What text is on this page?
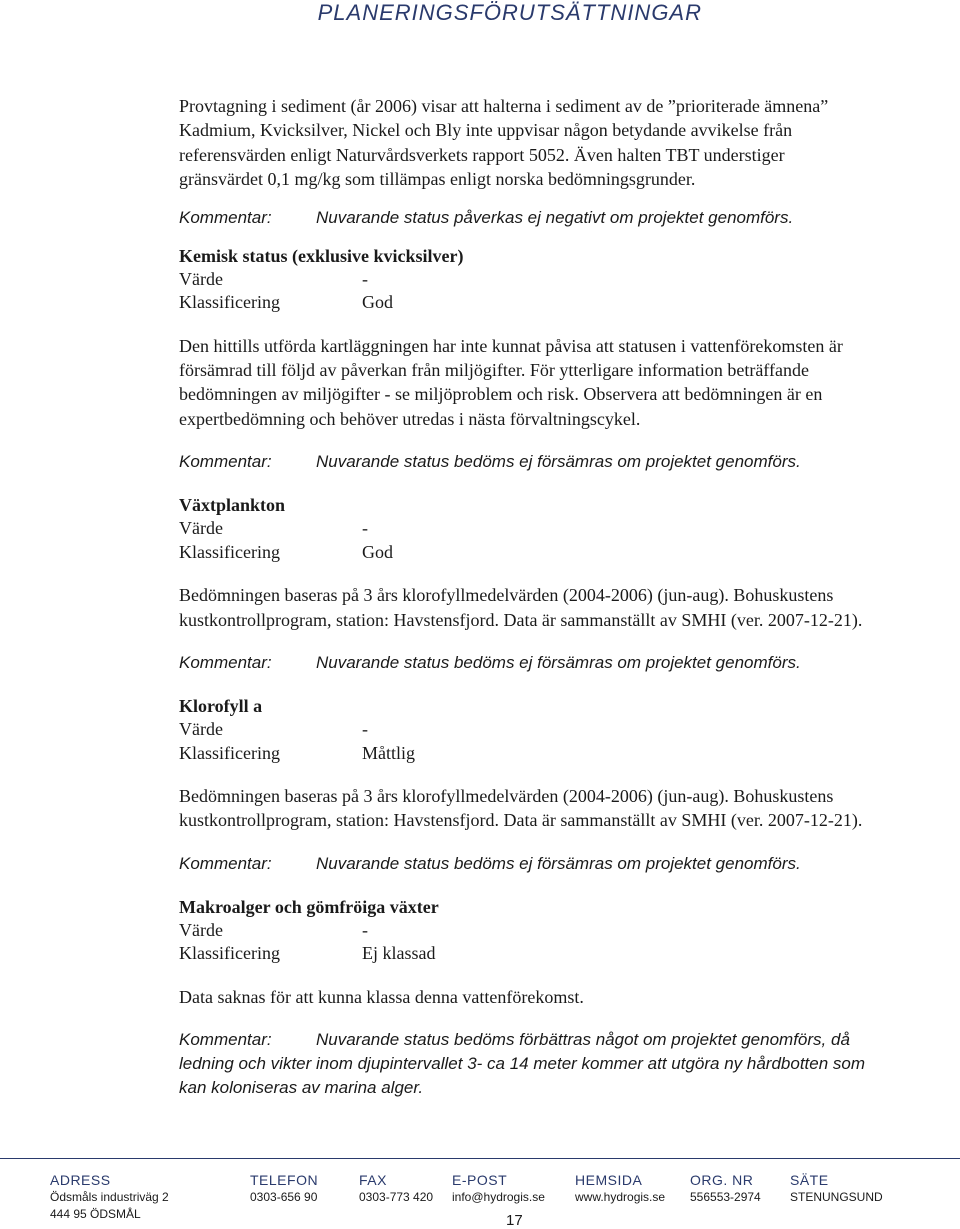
PLANERINGSFÖRUTSÄTTNINGAR

Provtagning i sediment (år 2006) visar att halterna i sediment av de ”prioriterade ämnena” Kadmium, Kvicksilver, Nickel och Bly inte uppvisar någon betydande avvikelse från referensvärden enligt Naturvårdsverkets rapport 5052. Även halten TBT understiger gränsvärdet 0,1 mg/kg som tillämpas enligt norska bedömningsgrunder.

Kommentar:	Nuvarande status påverkas ej negativt om projektet genomförs.

Kemisk status (exklusive kvicksilver)

Värde	-
Klassificering	God

Den hittills utförda kartläggningen har inte kunnat påvisa att statusen i vattenförekomsten är försämrad till följd av påverkan från miljögifter. För ytterligare information beträffande bedömningen av miljögifter - se miljöproblem och risk. Observera att bedömningen är en expertbedömning och behöver utredas i nästa förvaltningscykel.

Kommentar:	Nuvarande status bedöms ej försämras om projektet genomförs.

Växtplankton

Värde	-
Klassificering	God

Bedömningen baseras på 3 års klorofyllmedelvärden (2004-2006) (jun-aug). Bohuskustens kustkontrollprogram, station: Havstensfjord. Data är sammanställt av SMHI (ver. 2007-12-21).

Kommentar:	Nuvarande status bedöms ej försämras om projektet genomförs.

Klorofyll a

Värde	-
Klassificering	Måttlig

Bedömningen baseras på 3 års klorofyllmedelvärden (2004-2006) (jun-aug). Bohuskustens kustkontrollprogram, station: Havstensfjord. Data är sammanställt av SMHI (ver. 2007-12-21).

Kommentar:	Nuvarande status bedöms ej försämras om projektet genomförs.

Makroalger och gömfröiga växter

Värde	-
Klassificering	Ej klassad

Data saknas för att kunna klassa denna vattenförekomst.

Kommentar:	Nuvarande status bedöms förbättras något om projektet genomförs, då ledning och vikter inom djupintervallet 3- ca 14 meter kommer att utgöra ny hårdbotten som kan koloniseras av marina alger.
ADRESS
Ödsmåls industriväg 2
444 95 ÖDSMÅL
TELEFON
0303-656 90
FAX
0303-773 420
E-POST
info@hydrogis.se
HEMSIDA
www.hydrogis.se
ORG. NR
556553-2974
SÄTE
STENUNGSUND
17
